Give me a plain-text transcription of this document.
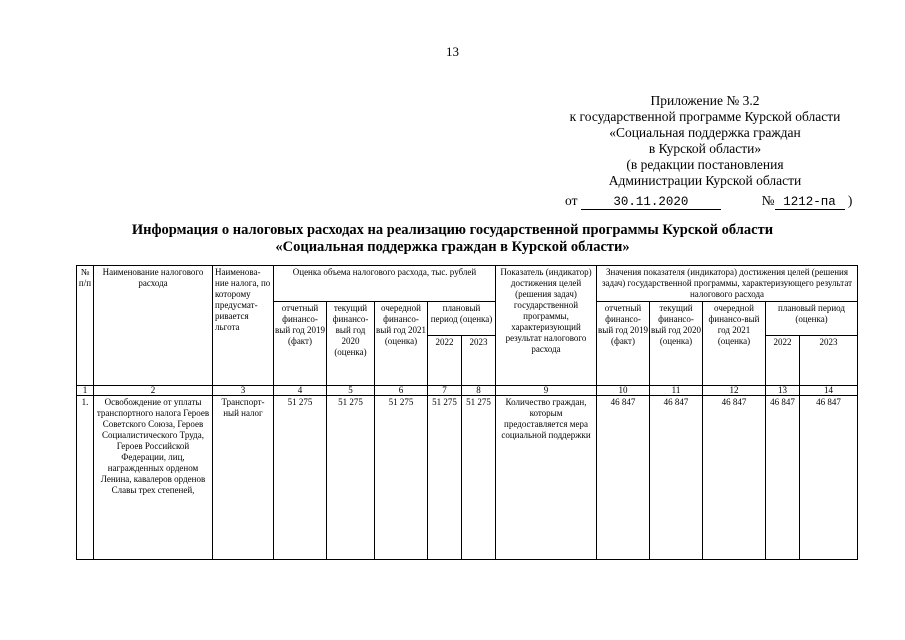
13
Приложение № 3.2
к государственной программе Курской области
«Социальная поддержка граждан
в Курской области»
(в редакции постановления
Администрации Курской области
от	30.11.2020	№ 1212-па )
Информация о налоговых расходах на реализацию государственной программы Курской области
«Социальная поддержка граждан в Курской области»
№ п/п	Наименование налогового расхода	Наименова-ние налога, по которому предусмат-ривается льгота	Оценка объема налогового расхода, тыс. рублей					Показатель (индикатор) достижения целей (решения задач) государственной программы, характеризующий результат налогового расхода	Значения показателя (индикатора) достижения целей (решения задач) государственной программы, характеризующего результат налогового расхода				
			отчетный финансо-вый год 2019 (факт)	текущий финансо-вый год 2020 (оценка)	очередной финансо-вый год 2021 (оценка)	плановый период (оценка)			отчетный финансо-вый год 2019 (факт)	текущий финансо-вый год 2020 (оценка)	очередной финансо-вый год 2021 (оценка)	плановый период (оценка)	
						2022	2023					2022	2023
1	2	3	4	5	6	7	8	9	10	11	12	13	14
1.	Освобождение от уплаты транспортного налога Героев Советского Союза, Героев Социалистического Труда, Героев Российской Федерации, лиц, награжденных орденом Ленина, кавалеров орденов Славы трех степеней,	Транспорт-ный налог	51 275	51 275	51 275	51 275	51 275	Количество граждан, которым предоставляется мера социальной поддержки	46 847	46 847	46 847	46 847	46 847
